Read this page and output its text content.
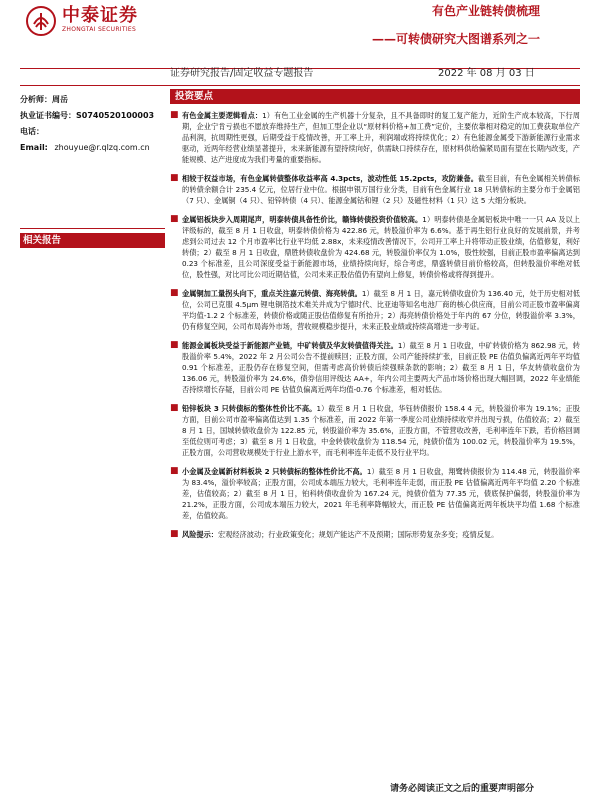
中泰证券
ZHONGTAI SECURITIES
有色产业链转债梳理
——可转债研究大图谱系列之一
证券研究报告/固定收益专题报告	2022 年 08 月 03 日
分析师：周岳
执业证书编号：S0740520100003
电话：
Email: zhouyue@r.qlzq.com.cn
相关报告
投资要点
■ 有色金属主要逻辑看点：1）有色工业金属的生产机器十分复杂，且不具备即时的复工复产能力，近阶生产成本较高，下行周期，企业宁肯亏损也不愿放弃维持生产，但加工型企业以“原材料价格+加工费”定价，主要依靠相对稳定的加工费获取单位产品利润，抗周期性更强，后期受益于疫情改善，开工率上升，利润端或将持续优化；2）有色能源金属受下游新能源行业需求驱动，近两年经营业绩显著提升，未来新能源有望持续向好，供需缺口持续存在，原材料供给偏紧局面有望在长期内改变，产能规模、达产进度成为我们考量的重要指标。
■ 相较于权益市场，有色金属转债整体收益率高 4.3pcts，波动性低 15.2pcts，攻防兼备。截至目前，有色金属相关转债标的转债余额合计 235.4 亿元，位居行业中位。根据申银万国行业分类，目前有色金属行业 18 只转债标的主要分布于金属铝（7 只）、金属铜（4 只）、铅锌转债（4 只）、能源金属钴和锂（2 只）及磁性材料（1 只）这 5 大细分板块。
■ 金属铝板块步入周期尾声，明泰转债具备性价比，赣锋转债投资价值较高。1）明泰转债是金属铝板块中唯一一只 AA 及以上评级标的，截至 8 月 1 日收盘，明泰转债价格为 422.86 元，转股溢价率为 6.6%。基于再生铝行业良好的发展前景，并考虑到公司过去 12 个月市盈率比行业平均低 2.88x，未来疫情改善情况下，公司开工率上升将带动正股业绩，估值修复，利好转债；2）截至 8 月 1 日收盘，鼎胜转债收盘价为 424.68 元，转股溢价率仅为 1.0%，股性较强，目前正股市盈率偏离达到 0.23 个标准差，且公司深度受益于新能源市场，业绩持续向好，综合考虑，鼎盛转债目前价格较高，但转股溢价率绝对低位，股性强，对比可比公司近期估值，公司未来正股估值仍有望向上修复，转债价格或将得到提升。
■ 金属铜加工量拐头向下，重点关注嘉元转债、海亮转债。1）截至 8 月 1 日，嘉元转债收盘价为 136.40 元，处于历史相对低位，公司已克服 4.5μm 锂电铜箔技术难关并成为宁德时代、比亚迪等知名电池厂商的核心供应商，目前公司正股市盈率偏离平均值-1.2 2 个标准差，转债价格或随正股估值修复有所抬升；2）海亮转债价格处于年内的 67 分位，转股溢价率 3.3%，仍有修复空间，公司布局海外市场，营收规模稳步提升，未来正股业绩或持续高增进一步考证。
■ 能源金属板块受益于新能源产业链，中矿转债及华友转债值得关注。1）截至 8 月 1 日收盘，中矿转债价格为 862.98 元，转股溢价率 5.4%，2022 年 2 月公司公告不提前赎回；正股方面，公司产能持续扩张，目前正股 PE 估值负偏离近两年平均值 0.91 个标准差，正股仍存在修复空间，但需考虑高价转债后续强赎条款的影响；2）截至 8 月 1 日，华友转债收盘价为 136.06 元，转股溢价率为 24.6%，债券信用评级达 AA+，年内公司主要两大产品市场价格出现大幅回调，2022 年业绩能否持续增长存疑，目前公司 PE 估值负偏离近两年均值-0.76 个标准差，相对低估。
■ 铅锌板块 3 只转债标的整体性价比不高。1）截至 8 月 1 日收盘，华钰转债报价 158.4 4 元，转股溢价率为 19.1%；正股方面，目前公司市盈率偏离值达到 1.35 个标准差，而 2022 年第一季度公司业绩持续收窄并出现亏损，估值较高；2）截至 8 月 1 日，国城转债收盘价为 122.85 元，转股溢价率为 35.6%，正股方面，不管营收改善，毛利率连年下跌，若价格回调至低位则可考虑；3）截至 8 月 1 日收盘，中金转债收盘价为 118.54 元，纯债价值为 100.02 元，转股溢价率为 19.5%，正股方面，公司营收规模处于行业上游水平，而毛利率连年走低不及行业平均。
■ 小金属及金属新材料板块 2 只转债标的整体性价比不高。1）截至 8 月 1 日收盘，翔鹭转债报价为 114.48 元，转股溢价率为 83.4%，溢价率较高；正股方面，公司成本端压力较大，毛利率连年走弱，而正股 PE 估值偏离近两年平均值 2.20 个标准差，估值较高；2）截至 8 月 1 日，铂科转债收盘价为 167.24 元，纯债价值为 77.35 元，债底保护偏弱，转股溢价率为 21.2%，正股方面，公司成本端压力较大，2021 年毛利率降幅较大，而正股 PE 估值偏离近两年板块平均值 1.68 个标准差，估值较高。
■ 风险提示：宏观经济波动；行业政策变化；规划产能达产不及预期；国际形势复杂多变；疫情反复。
请务必阅读正文之后的重要声明部分
